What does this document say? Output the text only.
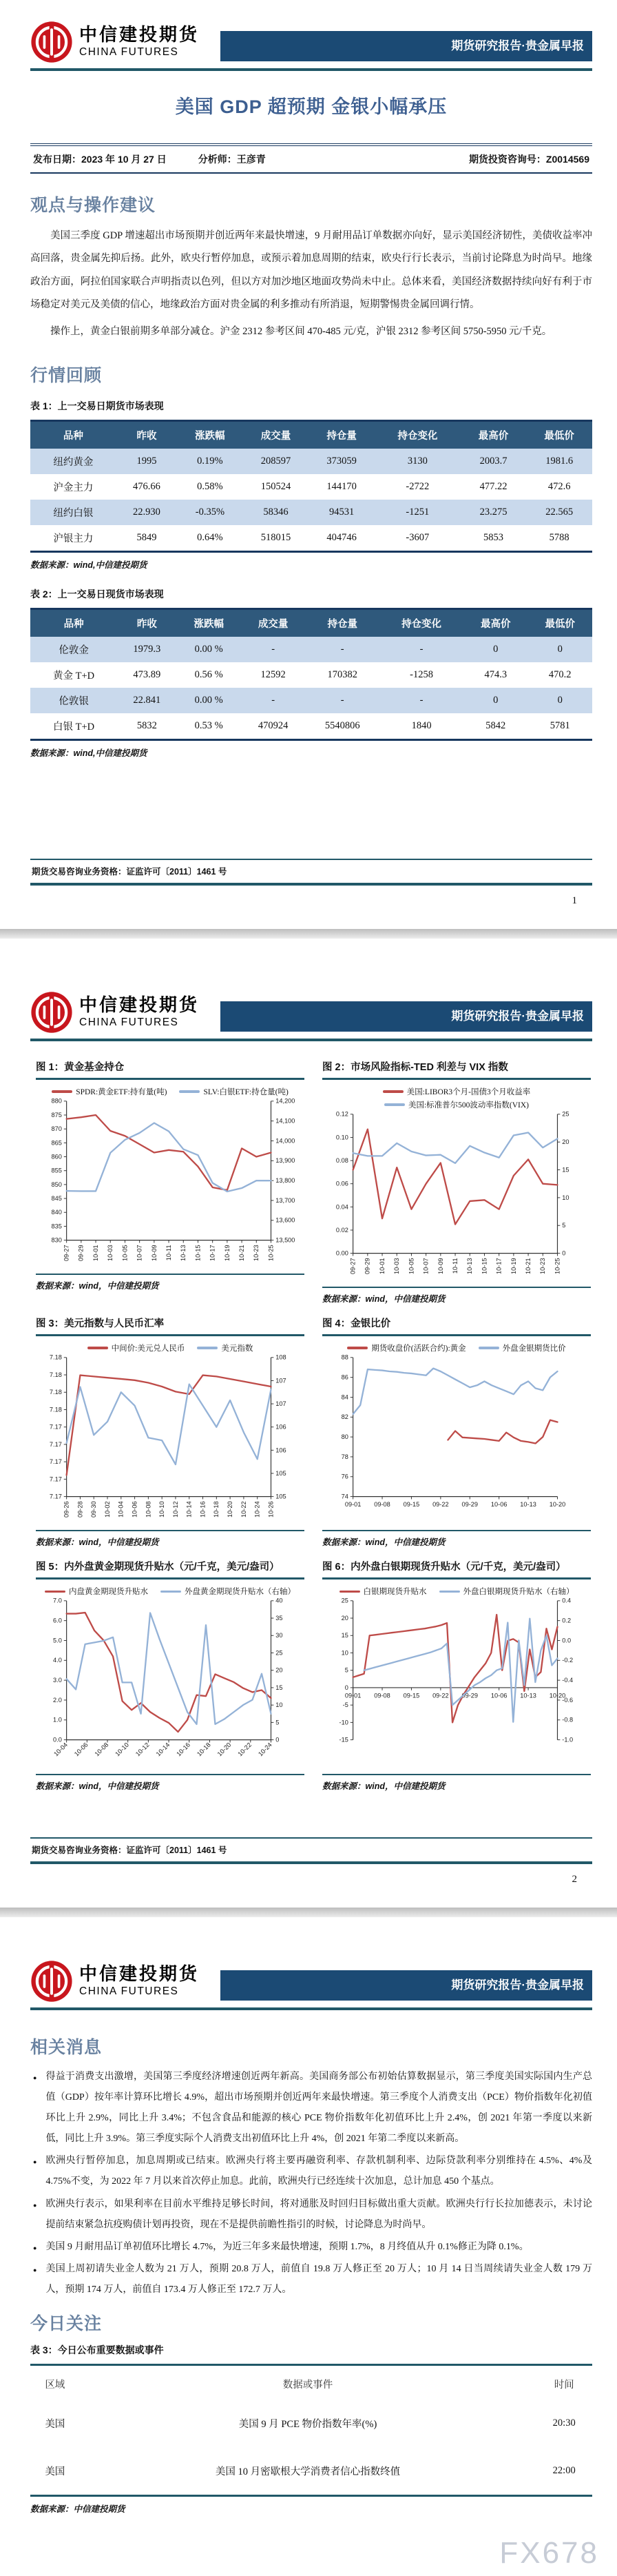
中信建投期货
CHINA FUTURES	期货研究报告·贵金属早报
美国 GDP 超预期 金银小幅承压
发布日期：2023 年 10 月 27 日	分析师：王彦青	期货投资咨询号：Z0014569
观点与操作建议

美国三季度 GDP 增速超出市场预期并创近两年来最快增速，9 月耐用品订单数据亦向好，显示美国经济韧性，美债收益率冲高回落，贵金属先抑后扬。此外，欧央行暂停加息，或预示着加息周期的结束，欧央行行长表示，当前讨论降息为时尚早。地缘政治方面，阿拉伯国家联合声明指责以色列，但以方对加沙地区地面攻势尚未中止。总体来看，美国经济数据持续向好有利于市场稳定对美元及美债的信心，地缘政治方面对贵金属的利多推动有所消退，短期警惕贵金属回调行情。

操作上，黄金白银前期多单部分减仓。沪金 2312 参考区间 470-485 元/克，沪银 2312 参考区间 5750-5950 元/千克。

行情回顾
表 1：上一交易日期货市场表现
品种	昨收	涨跌幅	成交量	持仓量	持仓变化	最高价	最低价
纽约黄金	1995	0.19%	208597	373059	3130	2003.7	1981.6
沪金主力	476.66	0.58%	150524	144170	-2722	477.22	472.6
纽约白银	22.930	-0.35%	58346	94531	-1251	23.275	22.565
沪银主力	5849	0.64%	518015	404746	-3607	5853	5788
数据来源：wind,中信建投期货
表 2：上一交易日现货市场表现
品种	昨收	涨跌幅	成交量	持仓量	持仓变化	最高价	最低价
伦敦金	1979.3	0.00 %	-	-	-	0	0
黄金 T+D	473.89	0.56 %	12592	170382	-1258	474.3	470.2
伦敦银	22.841	0.00 %	-	-	-	0	0
白银 T+D	5832	0.53 %	470924	5540806	1840	5842	5781
数据来源：wind,中信建投期货
期货交易咨询业务资格：证监许可〔2011〕1461 号
1
中信建投期货
CHINA FUTURES	期货研究报告·贵金属早报
图 1：黄金基金持仓
SPDR:黄金ETF:持有量(吨)	SLV:白银ETF:持仓量(吨)
880
875
870
865
860
855
850
845
840
835
830
14,200
14,100
14,000
13,900
13,800
13,700
13,600
13,500
09-27 09-29 10-01 10-03 10-05 10-07 10-09 10-11 10-13 10-15 10-17 10-19 10-21 10-23 10-25
数据来源：wind，中信建投期货
图 2：市场风险指标-TED 利差与 VIX 指数
美国:LIBOR3个月-国债3个月收益率
美国:标准普尔500波动率指数(VIX)
0.12
0.10
0.08
0.06
0.04
0.02
0.00
25
20
15
10
5
0
09-27 09-29 10-01 10-03 10-05 10-07 10-09 10-11 10-13 10-15 10-17 10-19 10-21 10-23 10-25
数据来源：wind，中信建投期货
图 3：美元指数与人民币汇率
中间价:美元兑人民币	美元指数
7.18
7.18
7.18
7.18
7.17
7.17
7.17
7.17
7.17
108
107
107
106
106
105
105
09-26 09-28 09-30 10-02 10-04 10-06 10-08 10-10 10-12 10-14 10-16 10-18 10-20 10-22 10-24 10-26
数据来源：wind，中信建投期货
图 4：金银比价
期货收盘价(活跃合约):黄金	外盘金银期货比价
88
86
84
82
80
78
76
74
09-01 09-08 09-15 09-22 09-29 10-06 10-13 10-20
数据来源：wind，中信建投期货
图 5：内外盘黄金期现货升贴水（元/千克，美元/盎司）
内盘黄金期现货升贴水	外盘黄金期现货升贴水（右轴）
7.0
6.0
5.0
4.0
3.0
2.0
1.0
0.0
40
35
30
25
20
15
10
5
0
10-04 10-06 10-08 10-10 10-12 10-14 10-16 10-18 10-20 10-22 10-24
数据来源：wind，中信建投期货
图 6：内外盘白银期现货升贴水（元/千克，美元/盎司）
白银期现货升贴水	外盘白银期现货升贴水（右轴）
25
20
15
10
5
0
-5
-10
-15
0.4
0.2
0.0
-0.2
-0.4
-0.6
-0.8
-1.0
09-01 09-08 09-15 09-22 09-29 10-06 10-13 10-20
数据来源：wind，中信建投期货
期货交易咨询业务资格：证监许可〔2011〕1461 号
2
中信建投期货
CHINA FUTURES	期货研究报告·贵金属早报
相关消息
● 得益于消费支出激增，美国第三季度经济增速创近两年新高。美国商务部公布初始估算数据显示，第三季度美国实际国内生产总值（GDP）按年率计算环比增长 4.9%，超出市场预期并创近两年来最快增速。第三季度个人消费支出（PCE）物价指数年化初值环比上升 2.9%，同比上升 3.4%；不包含食品和能源的核心 PCE 物价指数年化初值环比上升 2.4%，创 2021 年第一季度以来新低，同比上升 3.9%。第三季度实际个人消费支出初值环比上升 4%，创 2021 年第二季度以来新高。
● 欧洲央行暂停加息，加息周期或已结束。欧洲央行将主要再融资利率、存款机制利率、边际贷款利率分别维持在 4.5%、4%及 4.75%不变，为 2022 年 7 月以来首次停止加息。此前，欧洲央行已经连续十次加息，总计加息 450 个基点。
● 欧洲央行表示，如果利率在目前水平维持足够长时间，将对通胀及时回归目标做出重大贡献。欧洲央行行长拉加德表示，未讨论提前结束紧急抗疫购债计划再投资，现在不是提供前瞻性指引的时候，讨论降息为时尚早。
● 美国 9 月耐用品订单初值环比增长 4.7%，为近三年多来最快增速，预期 1.7%，8 月终值从升 0.1%修正为降 0.1%。
● 美国上周初请失业金人数为 21 万人，预期 20.8 万人，前值自 19.8 万人修正至 20 万人；10 月 14 日当周续请失业金人数 179 万人，预期 174 万人，前值自 173.4 万人修正至 172.7 万人。
今日关注
表 3：今日公布重要数据或事件
区域	数据或事件	时间
美国	美国 9 月 PCE 物价指数年率(%)	20:30
美国	美国 10 月密歇根大学消费者信心指数终值	22:00
数据来源：中信建投期货
FX678
